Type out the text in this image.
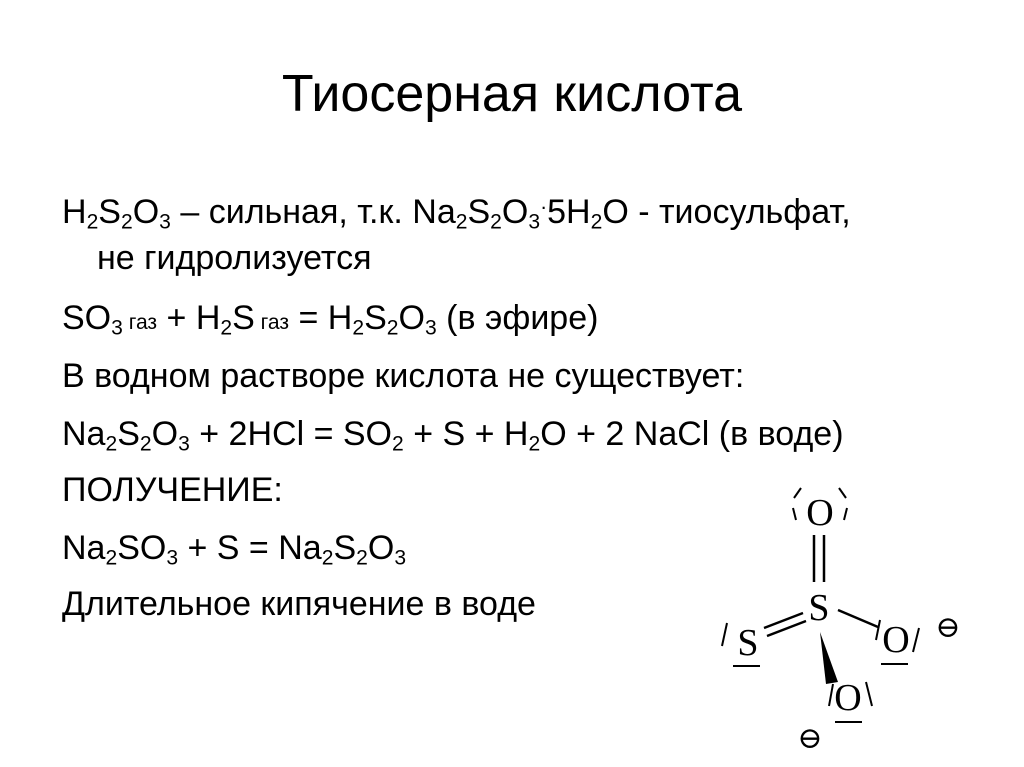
Тиосерная кислота
$H_2S_2O_3$ – сильная, т.к. $Na_2S_2O_3^\cdot 5H_2O$ - тиосульфат,
не гидролизуется
$SO_3$ газ + $H_2S$ газ = $H_2S_2O_3$ (в эфире)
В водном растворе кислота не существует:
$Na_2S_2O_3 + 2HCl = SO_2 + S + H_2O + 2$ NaCl (в воде)
ПОЛУЧЕНИЕ:
$Na_2SO_3 + S = Na_2S_2O_3$
Длительное кипячение в воде
O
S
S	O ⊖
O
⊖
